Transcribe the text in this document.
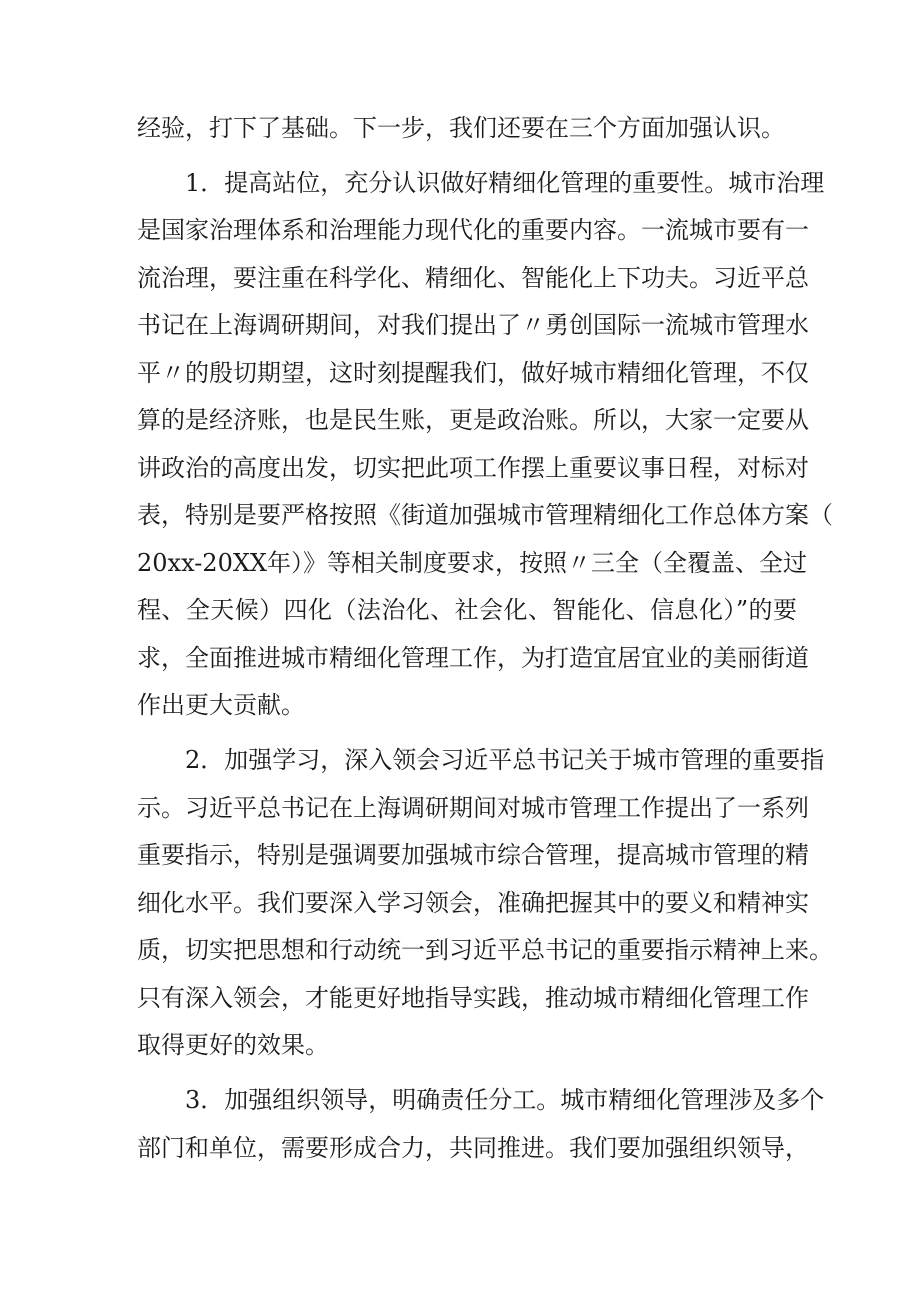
经验，打下了基础。下一步，我们还要在三个方面加强认识。
1．提高站位，充分认识做好精细化管理的重要性。城市治理
是国家治理体系和治理能力现代化的重要内容。一流城市要有一
流治理，要注重在科学化、精细化、智能化上下功夫。习近平总
书记在上海调研期间，对我们提出了〃勇创国际一流城市管理水
平〃的殷切期望，这时刻提醒我们，做好城市精细化管理，不仅
算的是经济账，也是民生账，更是政治账。所以，大家一定要从
讲政治的高度出发，切实把此项工作摆上重要议事日程，对标对
表，特别是要严格按照《街道加强城市管理精细化工作总体方案（
20xx-20XX年）》等相关制度要求，按照〃三全（全覆盖、全过
程、全天候）四化（法治化、社会化、智能化、信息化）”的要
求，全面推进城市精细化管理工作，为打造宜居宜业的美丽街道
作出更大贡献。
2．加强学习，深入领会习近平总书记关于城市管理的重要指
示。习近平总书记在上海调研期间对城市管理工作提出了一系列
重要指示，特别是强调要加强城市综合管理，提高城市管理的精
细化水平。我们要深入学习领会，准确把握其中的要义和精神实
质，切实把思想和行动统一到习近平总书记的重要指示精神上来。
只有深入领会，才能更好地指导实践，推动城市精细化管理工作
取得更好的效果。
3．加强组织领导，明确责任分工。城市精细化管理涉及多个
部门和单位，需要形成合力，共同推进。我们要加强组织领导，
